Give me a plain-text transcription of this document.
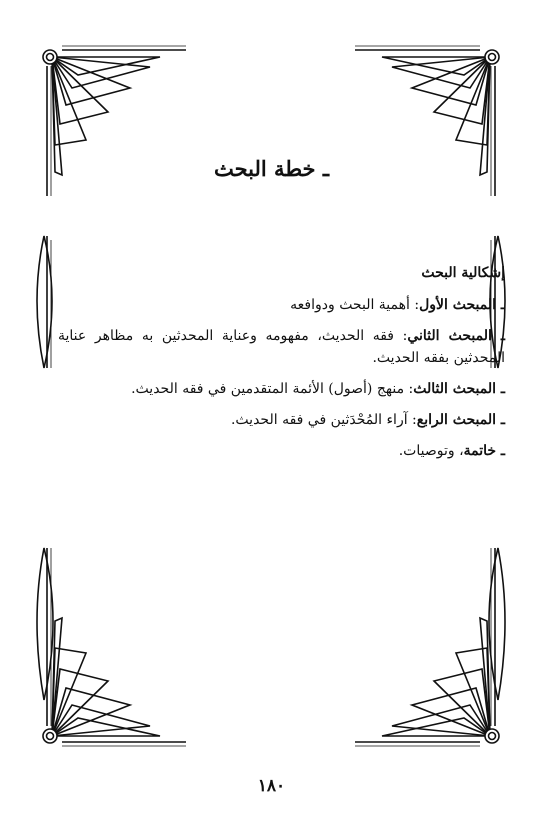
ـ خطة البحث
إشكالية البحث
ـ المبحث الأول: أهمية البحث ودوافعه
ـ المبحث الثاني: فقه الحديث، مفهومه وعناية المحدثين به مظاهر عناية المحدثين بفقه الحديث.
ـ المبحث الثالث: منهج (أصول) الأئمة المتقدمين في فقه الحديث.
ـ المبحث الرابع: آراء المُحْدَثين في فقه الحديث.
ـ خاتمة، وتوصيات.
١٨٠
